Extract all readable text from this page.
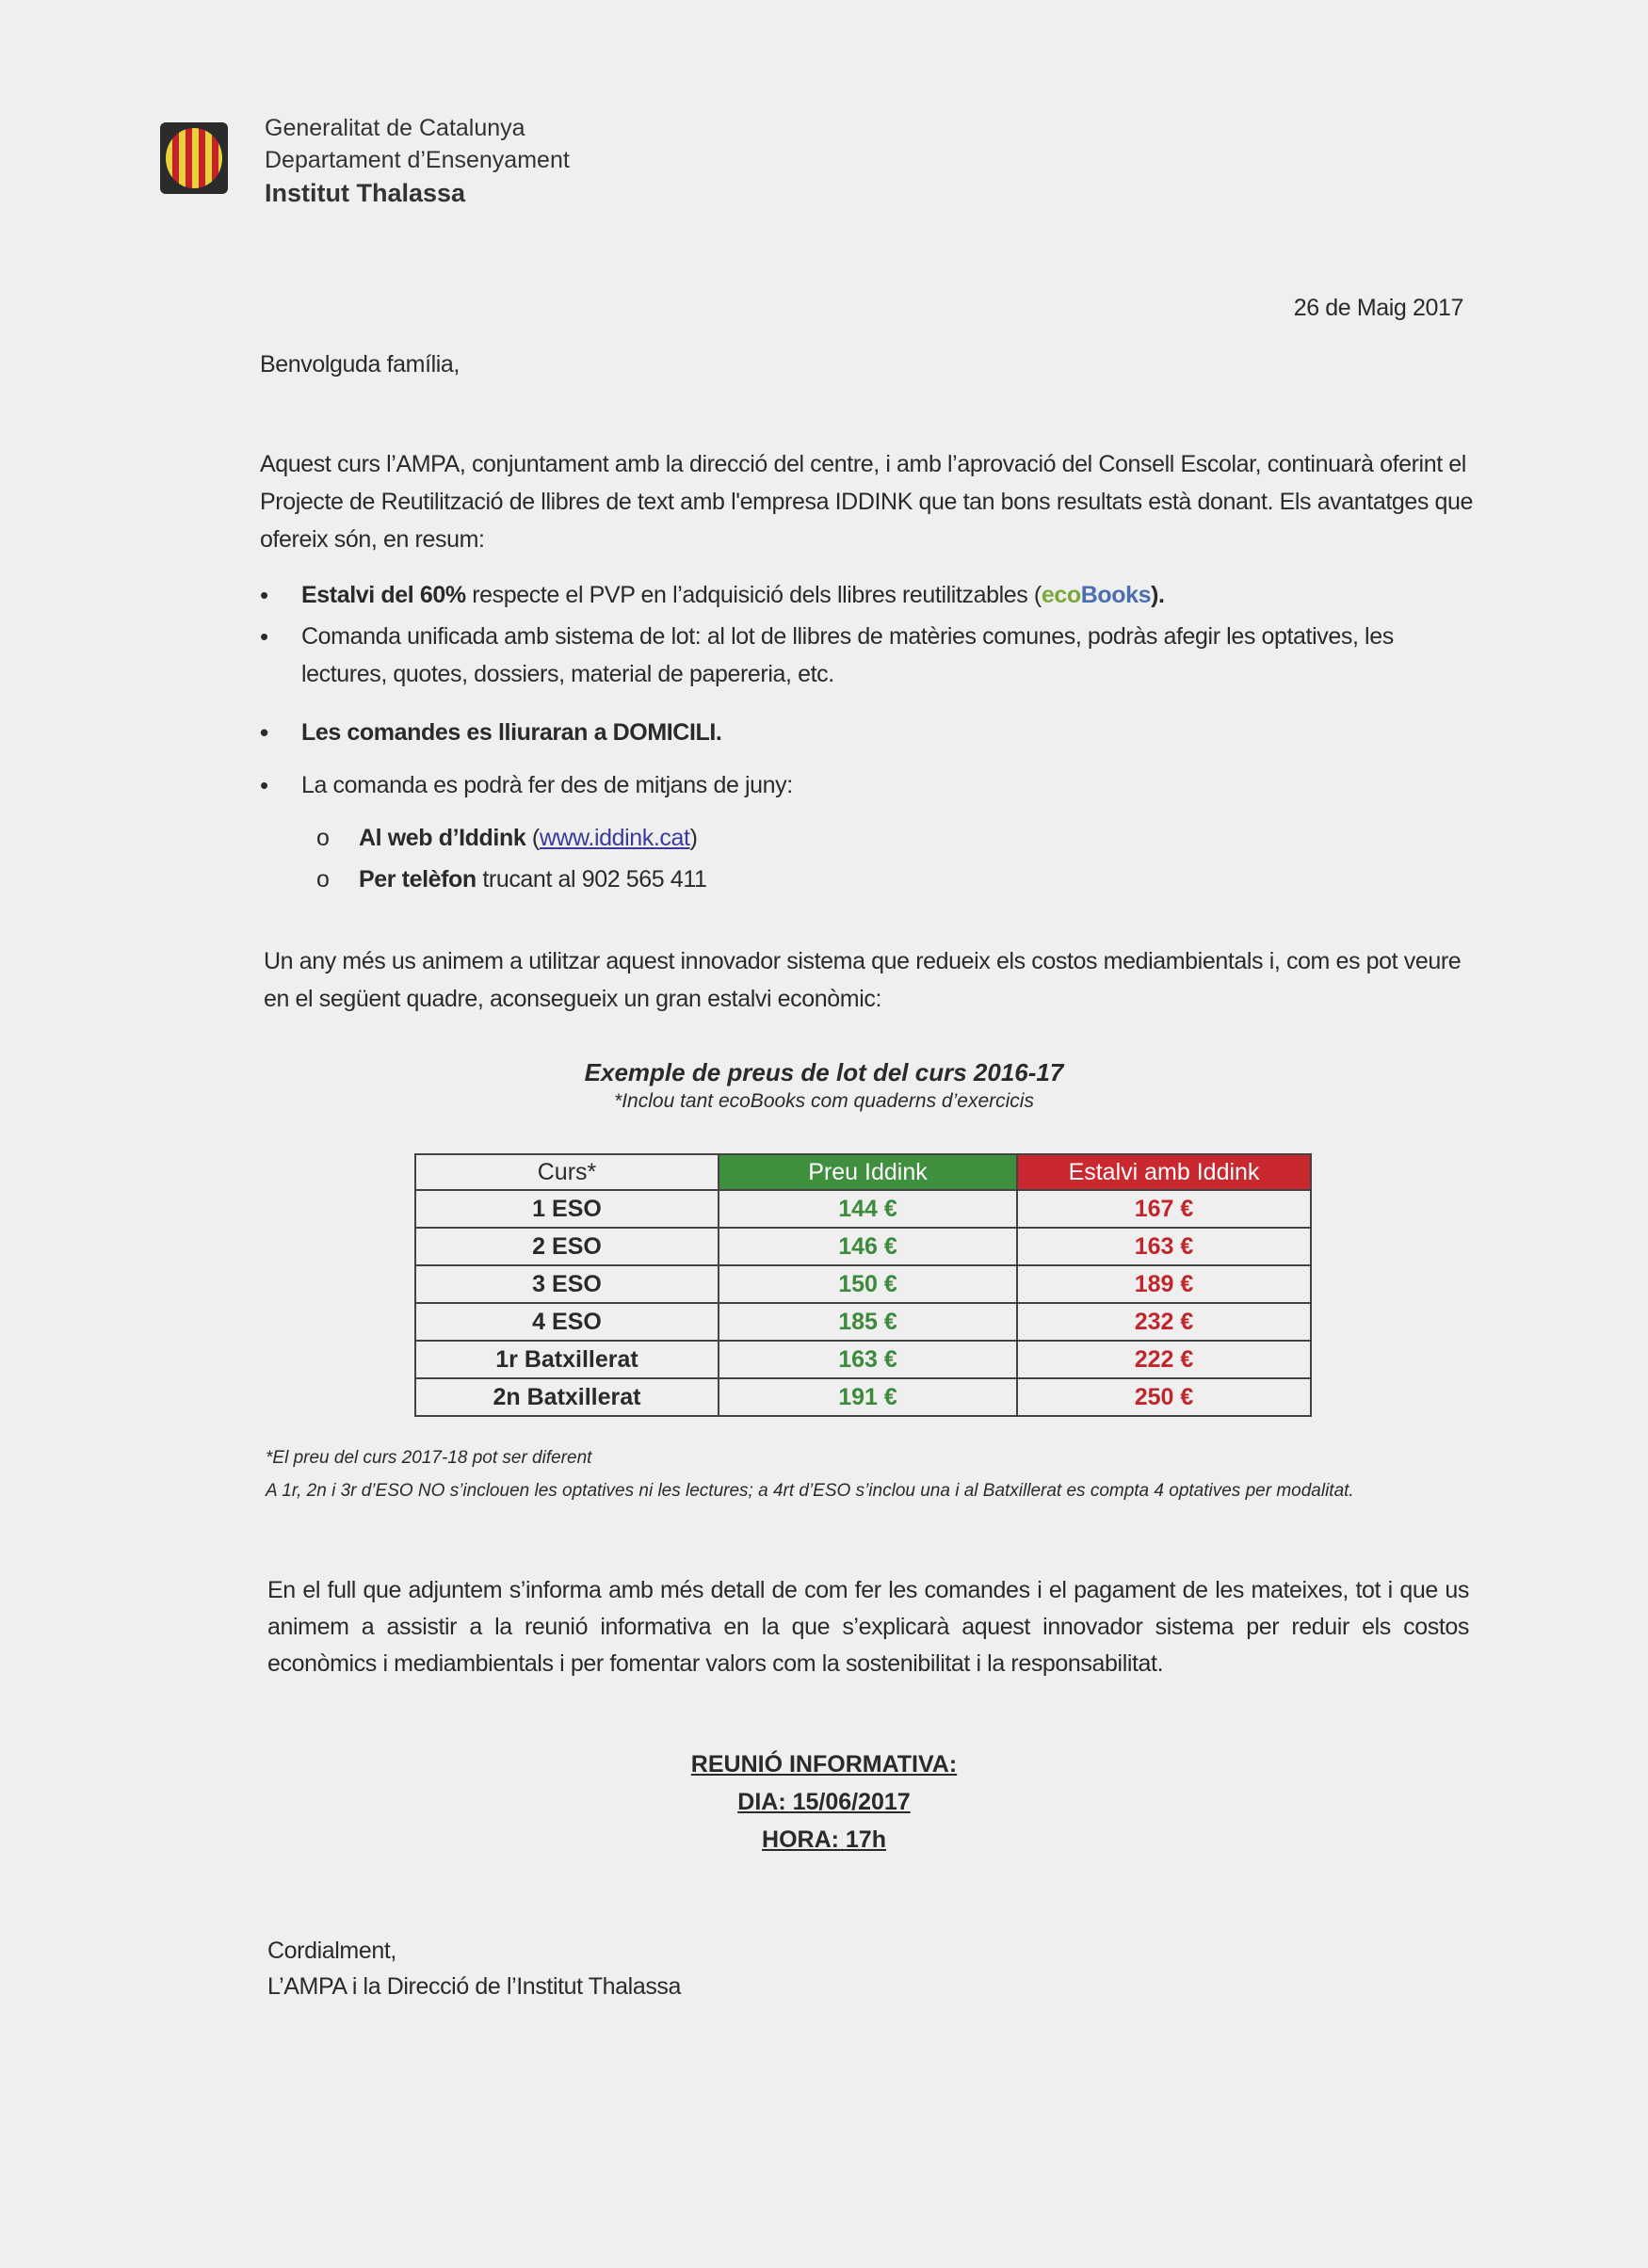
Generalitat de Catalunya
Departament d’Ensenyament
Institut Thalassa
26 de Maig 2017
Benvolguda família,
Aquest curs l’AMPA, conjuntament amb la direcció del centre, i amb l’aprovació del Consell Escolar, continuarà oferint el Projecte de Reutilització de llibres de text amb l'empresa IDDINK que tan bons resultats està donant. Els avantatges que ofereix són, en resum:
• Estalvi del 60% respecte el PVP en l’adquisició dels llibres reutilitzables (ecoBooks).
• Comanda unificada amb sistema de lot: al lot de llibres de matèries comunes, podràs afegir les optatives, les lectures, quotes, dossiers, material de papereria, etc.
• Les comandes es lliuraran a DOMICILI.
• La comanda es podrà fer des de mitjans de juny:
o Al web d’Iddink (www.iddink.cat)
o Per telèfon trucant al 902 565 411
Un any més us animem a utilitzar aquest innovador sistema que redueix els costos mediambientals i, com es pot veure en el següent quadre, aconsegueix un gran estalvi econòmic:
Exemple de preus de lot del curs 2016-17
*Inclou tant ecoBooks com quaderns d’exercicis
Curs*	Preu Iddink	Estalvi amb Iddink
1 ESO	144 €	167 €
2 ESO	146 €	163 €
3 ESO	150 €	189 €
4 ESO	185 €	232 €
1r Batxillerat	163 €	222 €
2n Batxillerat	191 €	250 €
*El preu del curs 2017-18 pot ser diferent
A 1r, 2n i 3r d’ESO NO s’inclouen les optatives ni les lectures; a 4rt d’ESO s’inclou una i al Batxillerat es compta 4 optatives per modalitat.
En el full que adjuntem s’informa amb més detall de com fer les comandes i el pagament de les mateixes, tot i que us animem a assistir a la reunió informativa en la que s’explicarà aquest innovador sistema per reduir els costos econòmics i mediambientals i per fomentar valors com la sostenibilitat i la responsabilitat.
REUNIÓ INFORMATIVA:
DIA: 15/06/2017
HORA: 17h
Cordialment,
L’AMPA i la Direcció de l’Institut Thalassa
